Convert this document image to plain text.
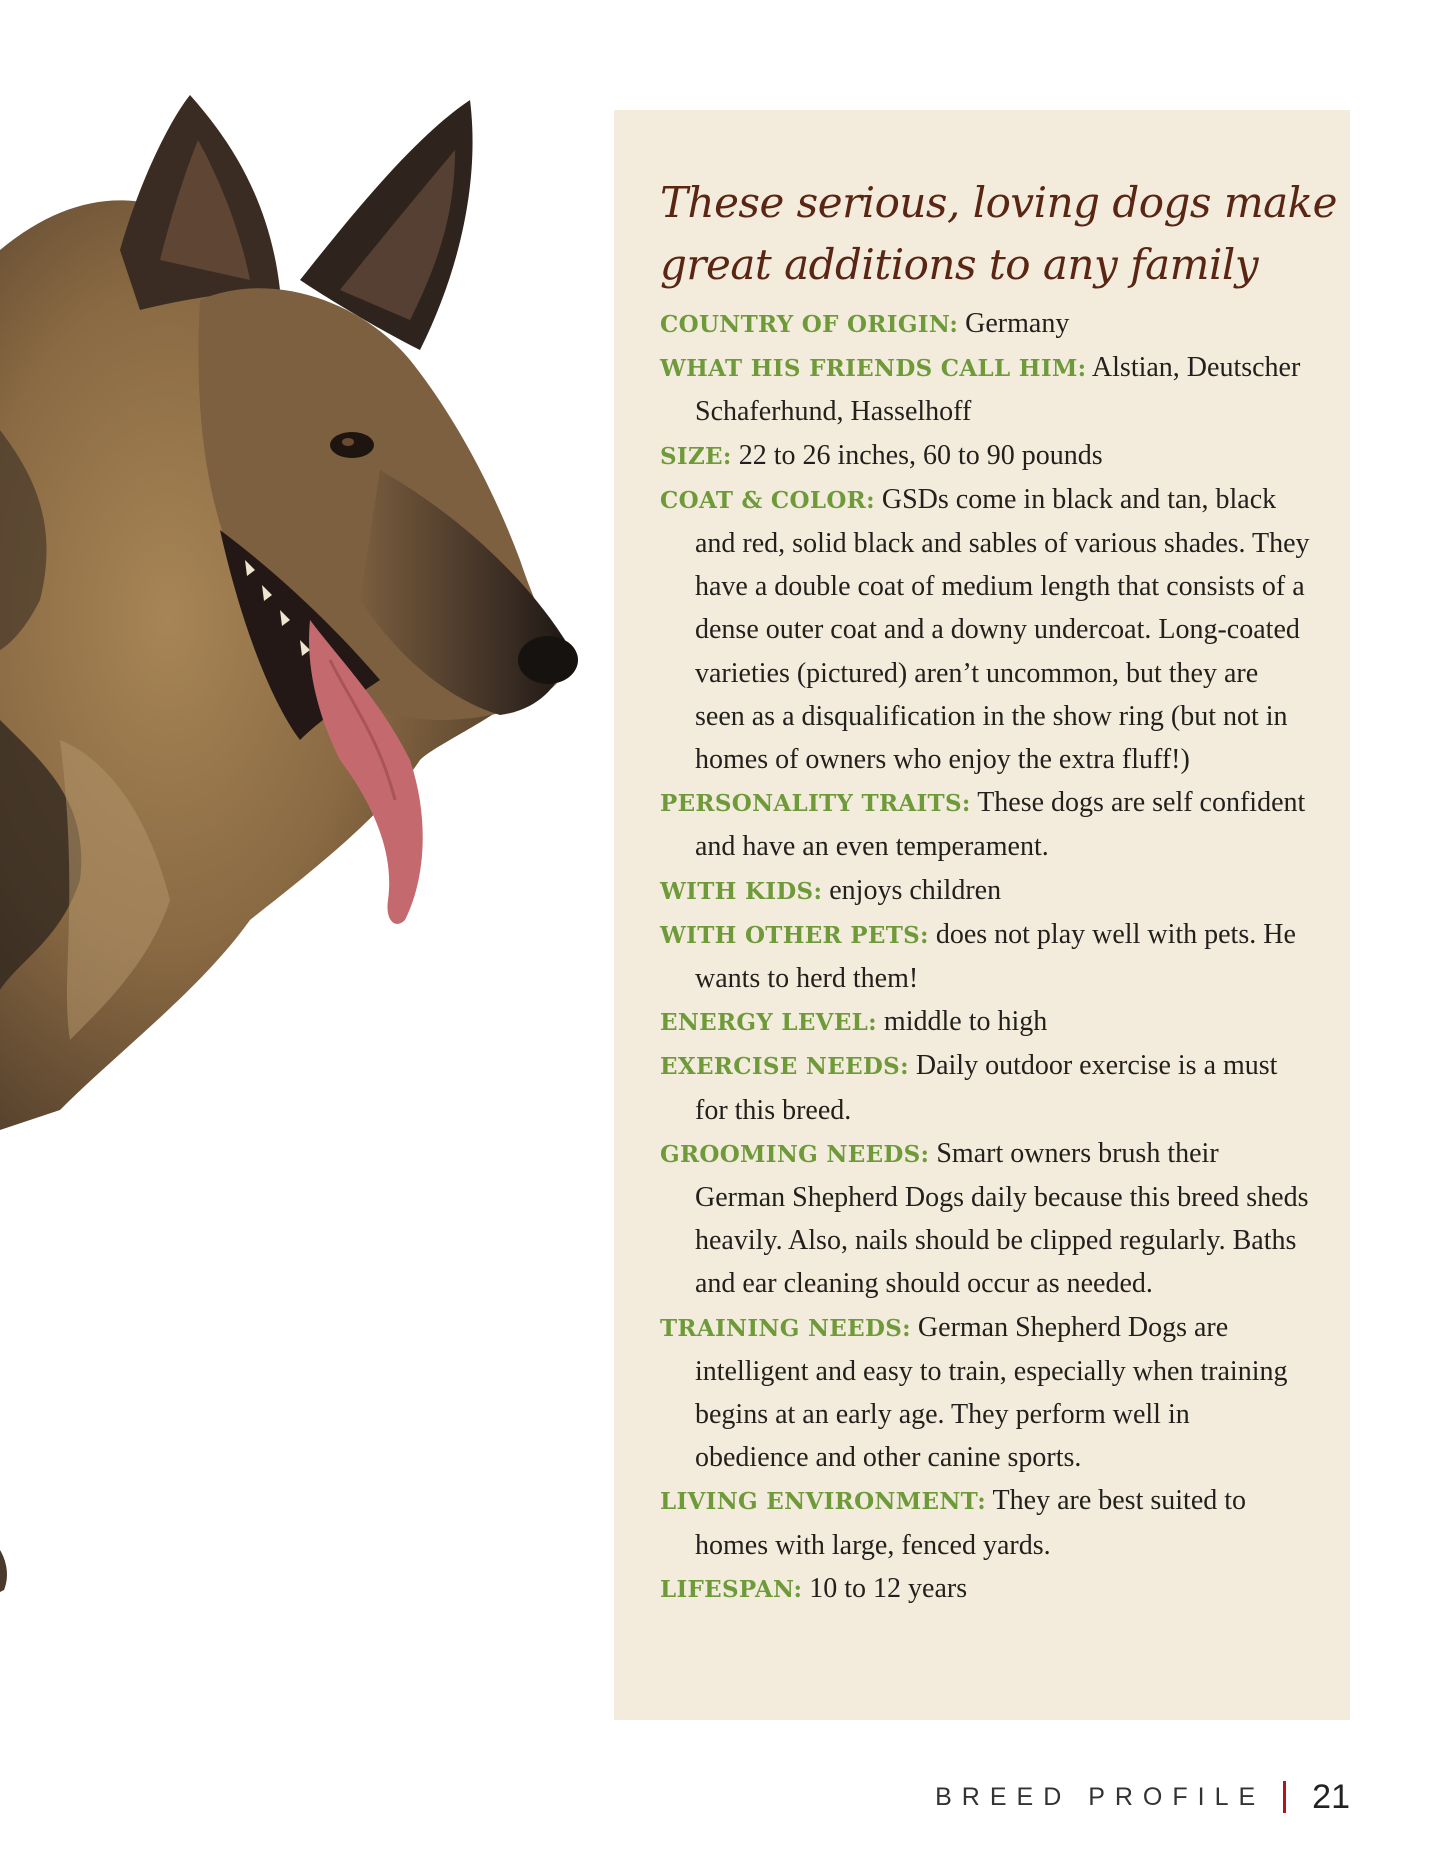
These serious, loving dogs make
great additions to any family
COUNTRY OF ORIGIN: Germany
WHAT HIS FRIENDS CALL HIM: Alstian, Deutscher Schaferhund, Hasselhoff
SIZE: 22 to 26 inches, 60 to 90 pounds
COAT & COLOR: GSDs come in black and tan, black and red, solid black and sables of various shades. They have a double coat of medium length that consists of a dense outer coat and a downy undercoat. Long-coated varieties (pictured) aren’t uncommon, but they are seen as a disqualification in the show ring (but not in homes of owners who enjoy the extra fluff!)
PERSONALITY TRAITS: These dogs are self confident and have an even temperament.
WITH KIDS: enjoys children
WITH OTHER PETS: does not play well with pets. He wants to herd them!
ENERGY LEVEL: middle to high
EXERCISE NEEDS: Daily outdoor exercise is a must for this breed.
GROOMING NEEDS: Smart owners brush their German Shepherd Dogs daily because this breed sheds heavily. Also, nails should be clipped regularly. Baths and ear cleaning should occur as needed.
TRAINING NEEDS: German Shepherd Dogs are intelligent and easy to train, especially when training begins at an early age. They perform well in obedience and other canine sports.
LIVING ENVIRONMENT: They are best suited to homes with large, fenced yards.
LIFESPAN: 10 to 12 years
BREED PROFILE 21
